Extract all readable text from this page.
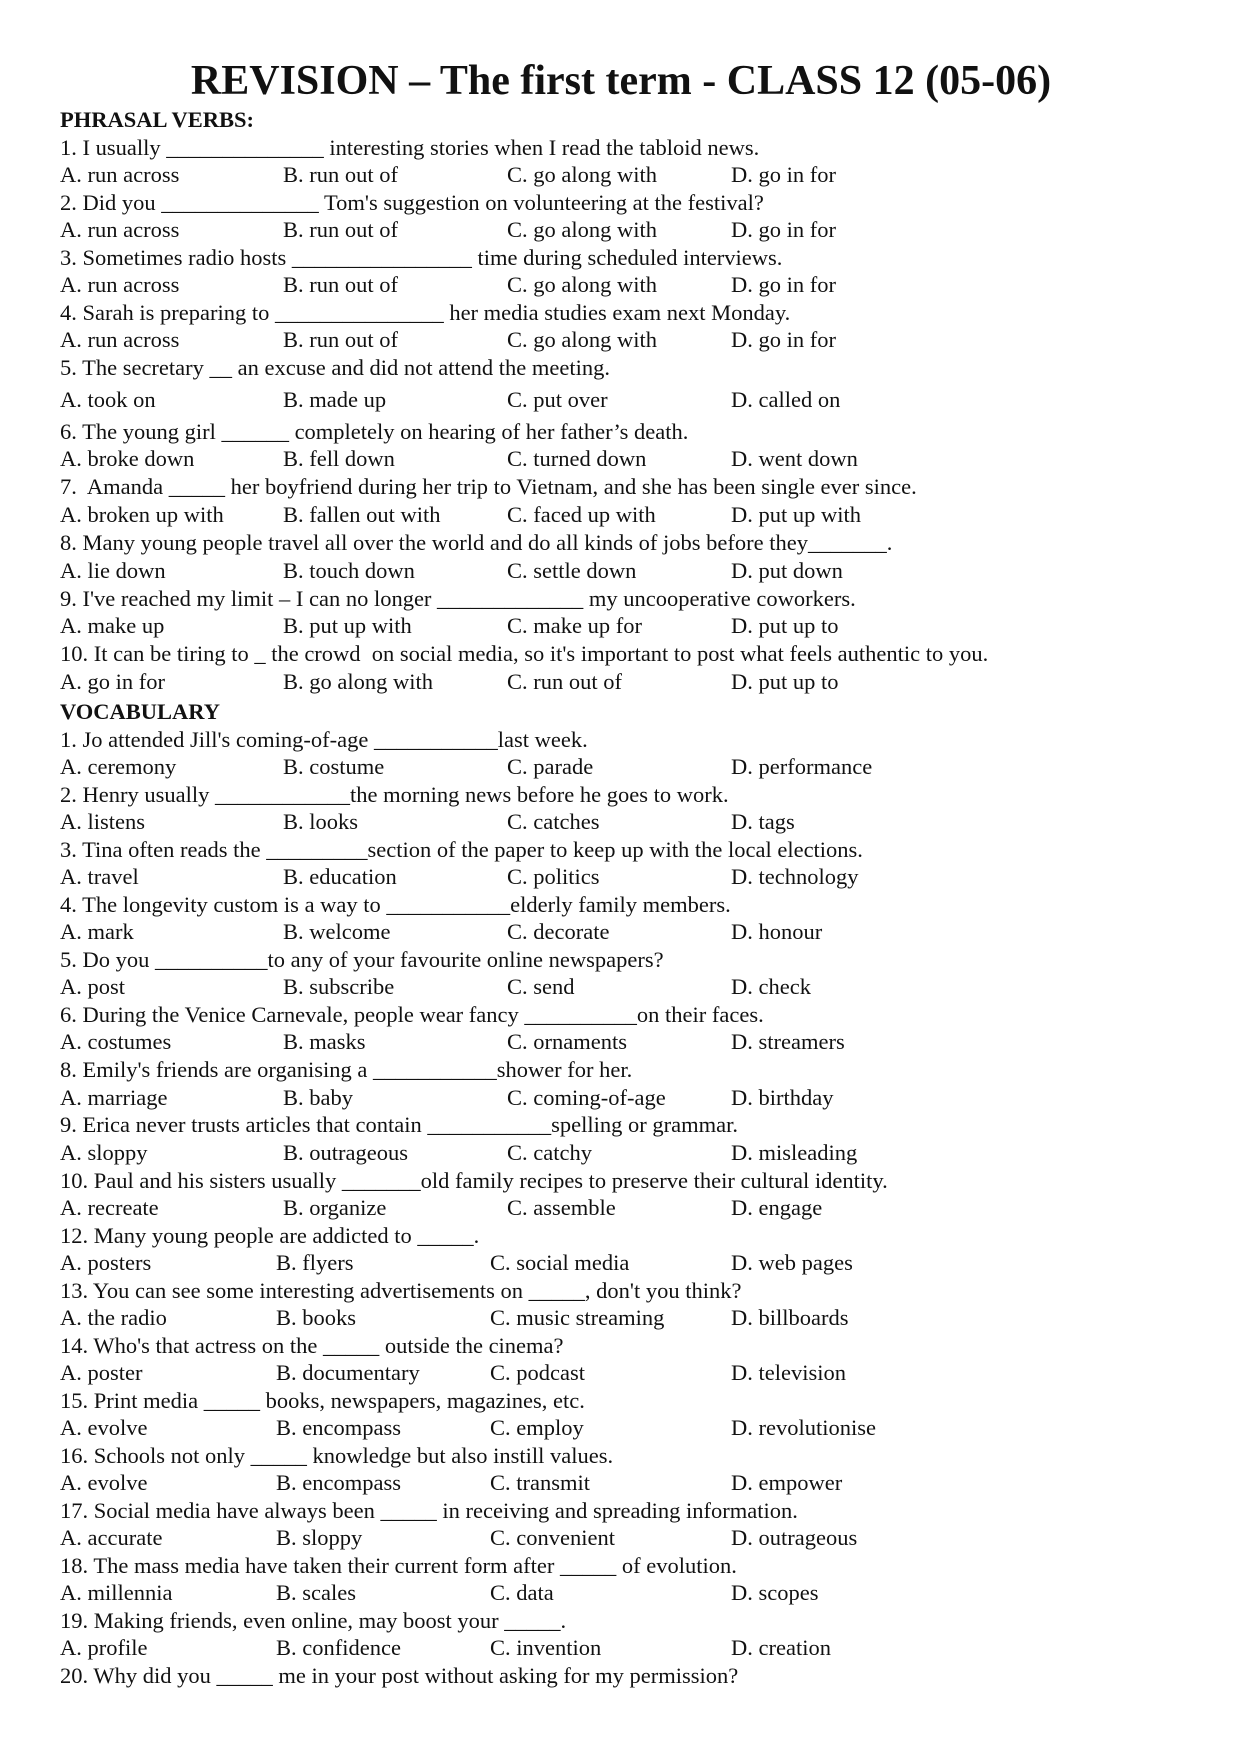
REVISION – The first term - CLASS 12 (05-06)
PHRASAL VERBS:
1. I usually ______________ interesting stories when I read the tabloid news.
A. run across	B. run out of	C. go along with	D. go in for
2. Did you ______________ Tom's suggestion on volunteering at the festival?
A. run across	B. run out of	C. go along with	D. go in for
3. Sometimes radio hosts ________________ time during scheduled interviews.
A. run across	B. run out of	C. go along with	D. go in for
4. Sarah is preparing to _______________ her media studies exam next Monday.
A. run across	B. run out of	C. go along with	D. go in for
5. The secretary __ an excuse and did not attend the meeting.
A. took on	B. made up	C. put over	D. called on
6. The young girl ______ completely on hearing of her father’s death.
A. broke down	B. fell down	C. turned down	D. went down
7.  Amanda _____ her boyfriend during her trip to Vietnam, and she has been single ever since.
A. broken up with	B. fallen out with	C. faced up with	D. put up with
8. Many young people travel all over the world and do all kinds of jobs before they_______.
A. lie down	B. touch down	C. settle down	D. put down
9. I've reached my limit – I can no longer _____________ my uncooperative coworkers.
A. make up	B. put up with	C. make up for	D. put up to
10. It can be tiring to _ the crowd  on social media, so it's important to post what feels authentic to you.
A. go in for	B. go along with	C. run out of	D. put up to
VOCABULARY
1. Jo attended Jill's coming-of-age ___________last week.
A. ceremony	B. costume	C. parade	D. performance
2. Henry usually ____________the morning news before he goes to work.
A. listens	B. looks	C. catches	D. tags
3. Tina often reads the _________section of the paper to keep up with the local elections.
A. travel	B. education	C. politics	D. technology
4. The longevity custom is a way to ___________elderly family members.
A. mark	B. welcome	C. decorate	D. honour
5. Do you __________to any of your favourite online newspapers?
A. post	B. subscribe	C. send	D. check
6. During the Venice Carnevale, people wear fancy __________on their faces.
A. costumes	B. masks	C. ornaments	D. streamers
8. Emily's friends are organising a ___________shower for her.
A. marriage	B. baby	C. coming-of-age	D. birthday
9. Erica never trusts articles that contain ___________spelling or grammar.
A. sloppy	B. outrageous	C. catchy	D. misleading
10. Paul and his sisters usually _______old family recipes to preserve their cultural identity.
A. recreate	B. organize	C. assemble	D. engage
12. Many young people are addicted to _____.
A. posters	B. flyers	C. social media	D. web pages
13. You can see some interesting advertisements on _____, don't you think?
A. the radio	B. books	C. music streaming	D. billboards
14. Who's that actress on the _____ outside the cinema?
A. poster	B. documentary	C. podcast	D. television
15. Print media _____ books, newspapers, magazines, etc.
A. evolve	B. encompass	C. employ	D. revolutionise
16. Schools not only _____ knowledge but also instill values.
A. evolve	B. encompass	C. transmit	D. empower
17. Social media have always been _____ in receiving and spreading information.
A. accurate	B. sloppy	C. convenient	D. outrageous
18. The mass media have taken their current form after _____ of evolution.
A. millennia	B. scales	C. data	D. scopes
19. Making friends, even online, may boost your _____.
A. profile	B. confidence	C. invention	D. creation
20. Why did you _____ me in your post without asking for my permission?
